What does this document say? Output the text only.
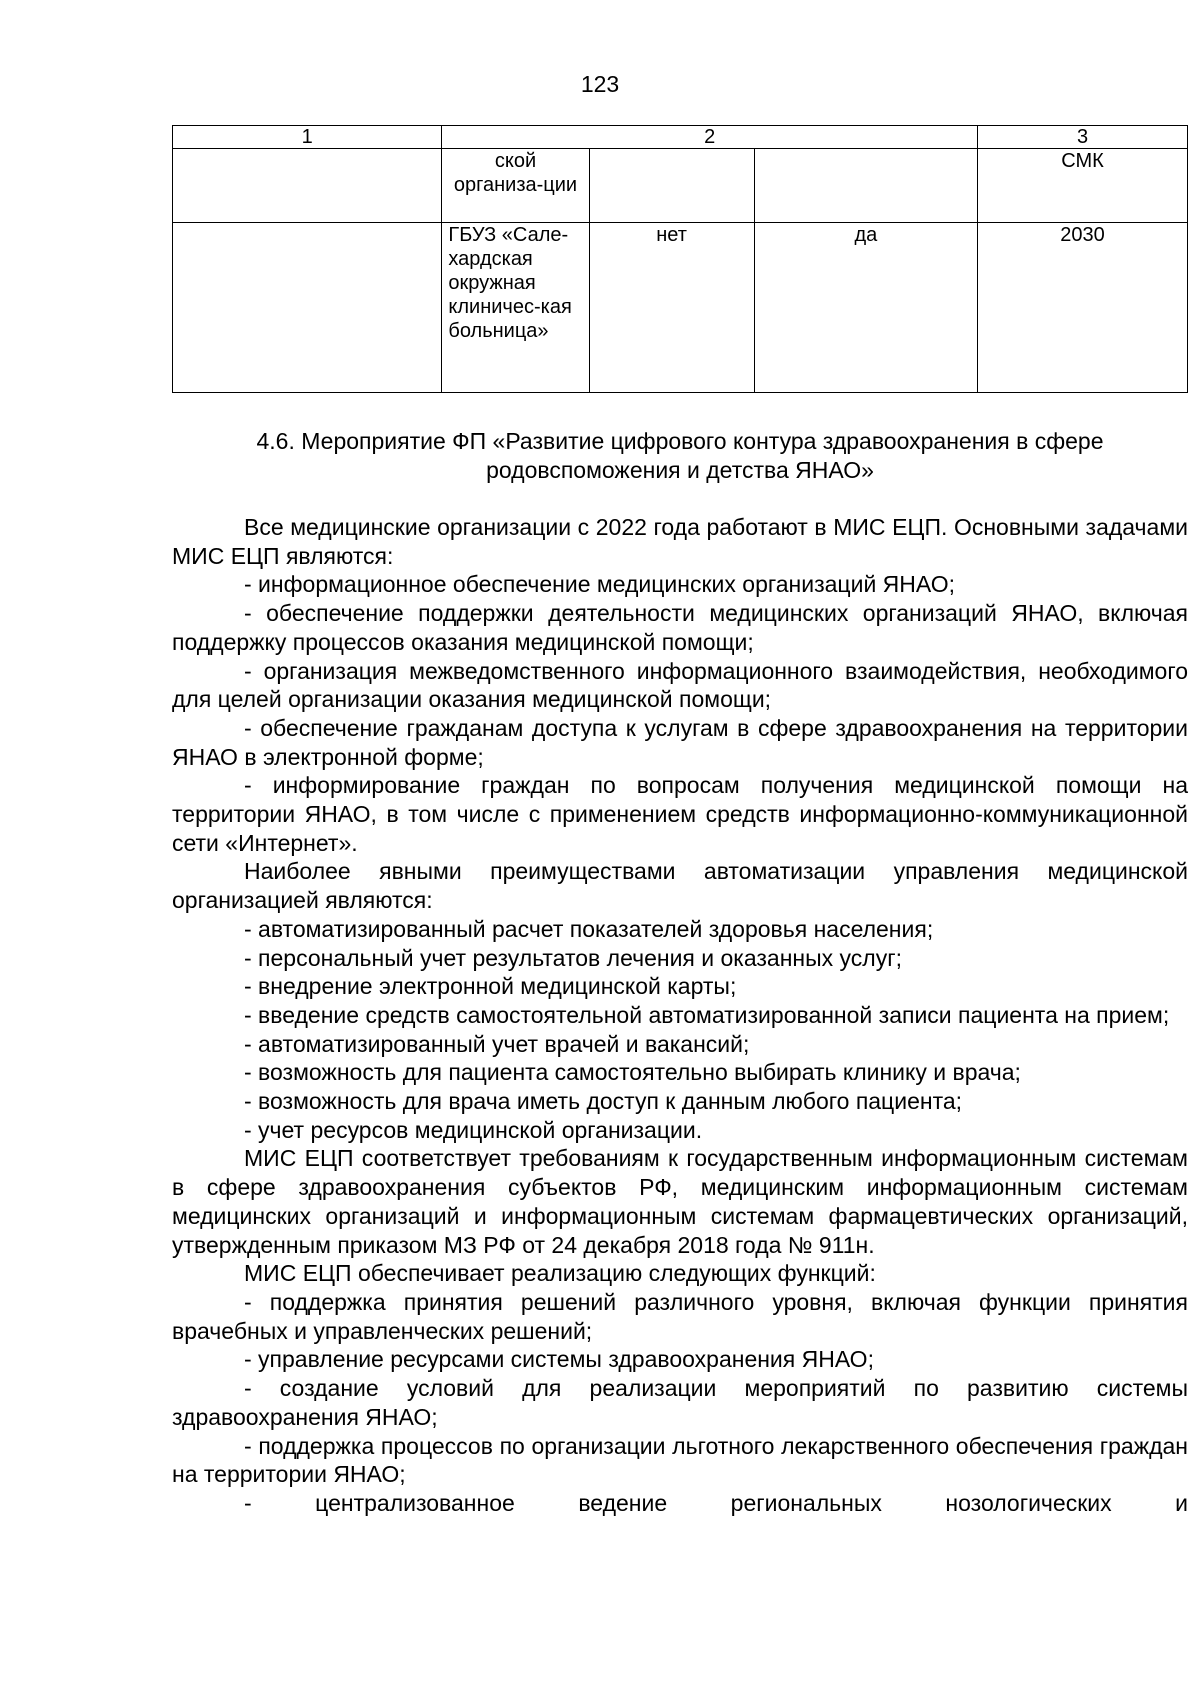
123
1	2			3
	ской организа-ции			СМК
	ГБУЗ «Сале-хардская окружная клиничес-кая больница»	нет	да	2030
4.6. Мероприятие ФП «Развитие цифрового контура здравоохранения в сфере родовспоможения и детства ЯНАО»

Все медицинские организации с 2022 года работают в МИС ЕЦП. Основными задачами МИС ЕЦП являются:

- информационное обеспечение медицинских организаций ЯНАО;

- обеспечение поддержки деятельности медицинских организаций ЯНАО, включая поддержку процессов оказания медицинской помощи;

- организация межведомственного информационного взаимодействия, необходимого для целей организации оказания медицинской помощи;

- обеспечение гражданам доступа к услугам в сфере здравоохранения на территории ЯНАО в электронной форме;

- информирование граждан по вопросам получения медицинской помощи на территории ЯНАО, в том числе с применением средств информационно-коммуникационной сети «Интернет».

Наиболее явными преимуществами автоматизации управления медицинской организацией являются:

- автоматизированный расчет показателей здоровья населения;

- персональный учет результатов лечения и оказанных услуг;

- внедрение электронной медицинской карты;

- введение средств самостоятельной автоматизированной записи пациента на прием;

- автоматизированный учет врачей и вакансий;

- возможность для пациента самостоятельно выбирать клинику и врача;

- возможность для врача иметь доступ к данным любого пациента;

- учет ресурсов медицинской организации.

МИС ЕЦП соответствует требованиям к государственным информационным системам в сфере здравоохранения субъектов РФ, медицинским информационным системам медицинских организаций и информационным системам фармацевтических организаций, утвержденным приказом МЗ РФ от 24 декабря 2018 года № 911н.

МИС ЕЦП обеспечивает реализацию следующих функций:

- поддержка принятия решений различного уровня, включая функции принятия врачебных и управленческих решений;

- управление ресурсами системы здравоохранения ЯНАО;

- создание условий для реализации мероприятий по развитию системы здравоохранения ЯНАО;

- поддержка процессов по организации льготного лекарственного обеспечения граждан на территории ЯНАО;

- централизованное ведение региональных нозологических и
